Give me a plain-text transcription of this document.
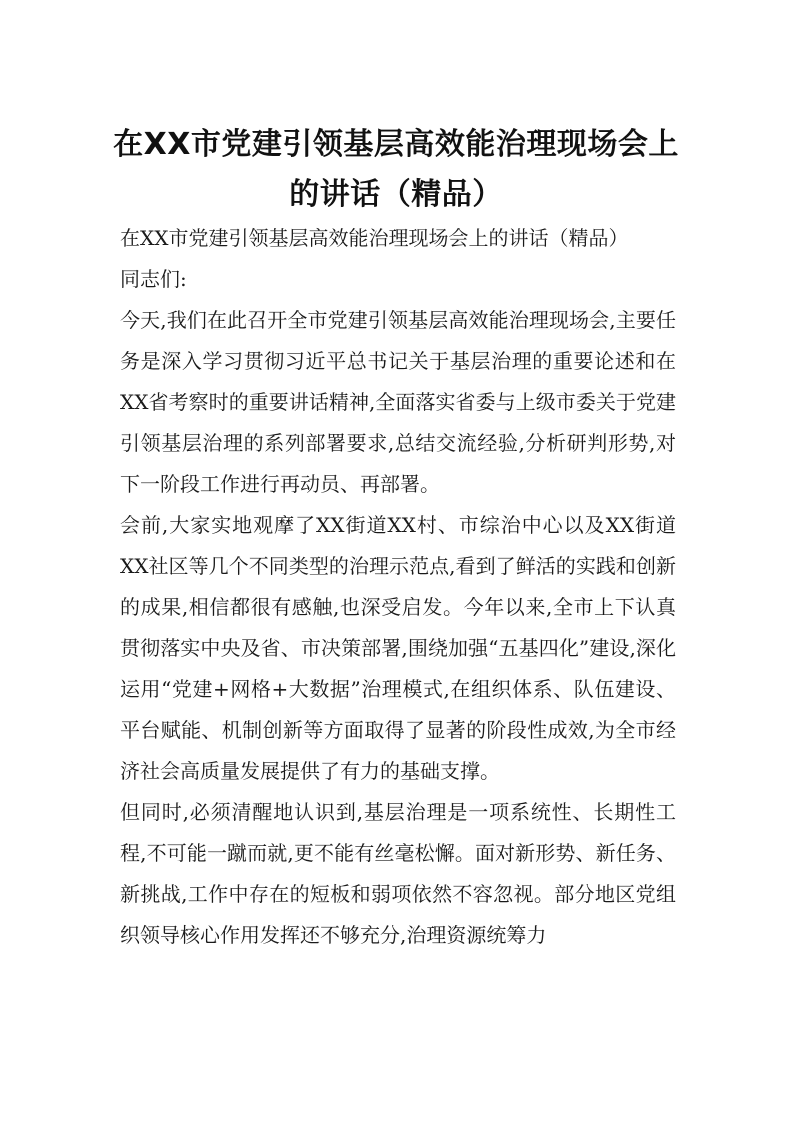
在XX市党建引领基层高效能治理现场会上
的讲话（精品）

在XX市党建引领基层高效能治理现场会上的讲话（精品）

同志们:

今天,我们在此召开全市党建引领基层高效能治理现场会,主要任务是深入学习贯彻习近平总书记关于基层治理的重要论述和在XX省考察时的重要讲话精神,全面落实省委与上级市委关于党建引领基层治理的系列部署要求,总结交流经验,分析研判形势,对下一阶段工作进行再动员、再部署。

会前,大家实地观摩了XX街道XX村、市综治中心以及XX街道XX社区等几个不同类型的治理示范点,看到了鲜活的实践和创新的成果,相信都很有感触,也深受启发。今年以来,全市上下认真贯彻落实中央及省、市决策部署,围绕加强“五基四化”建设,深化运用“党建+网格+大数据”治理模式,在组织体系、队伍建设、平台赋能、机制创新等方面取得了显著的阶段性成效,为全市经济社会高质量发展提供了有力的基础支撑。

但同时,必须清醒地认识到,基层治理是一项系统性、长期性工程,不可能一蹴而就,更不能有丝毫松懈。面对新形势、新任务、新挑战,工作中存在的短板和弱项依然不容忽视。部分地区党组织领导核心作用发挥还不够充分,治理资源统筹力
